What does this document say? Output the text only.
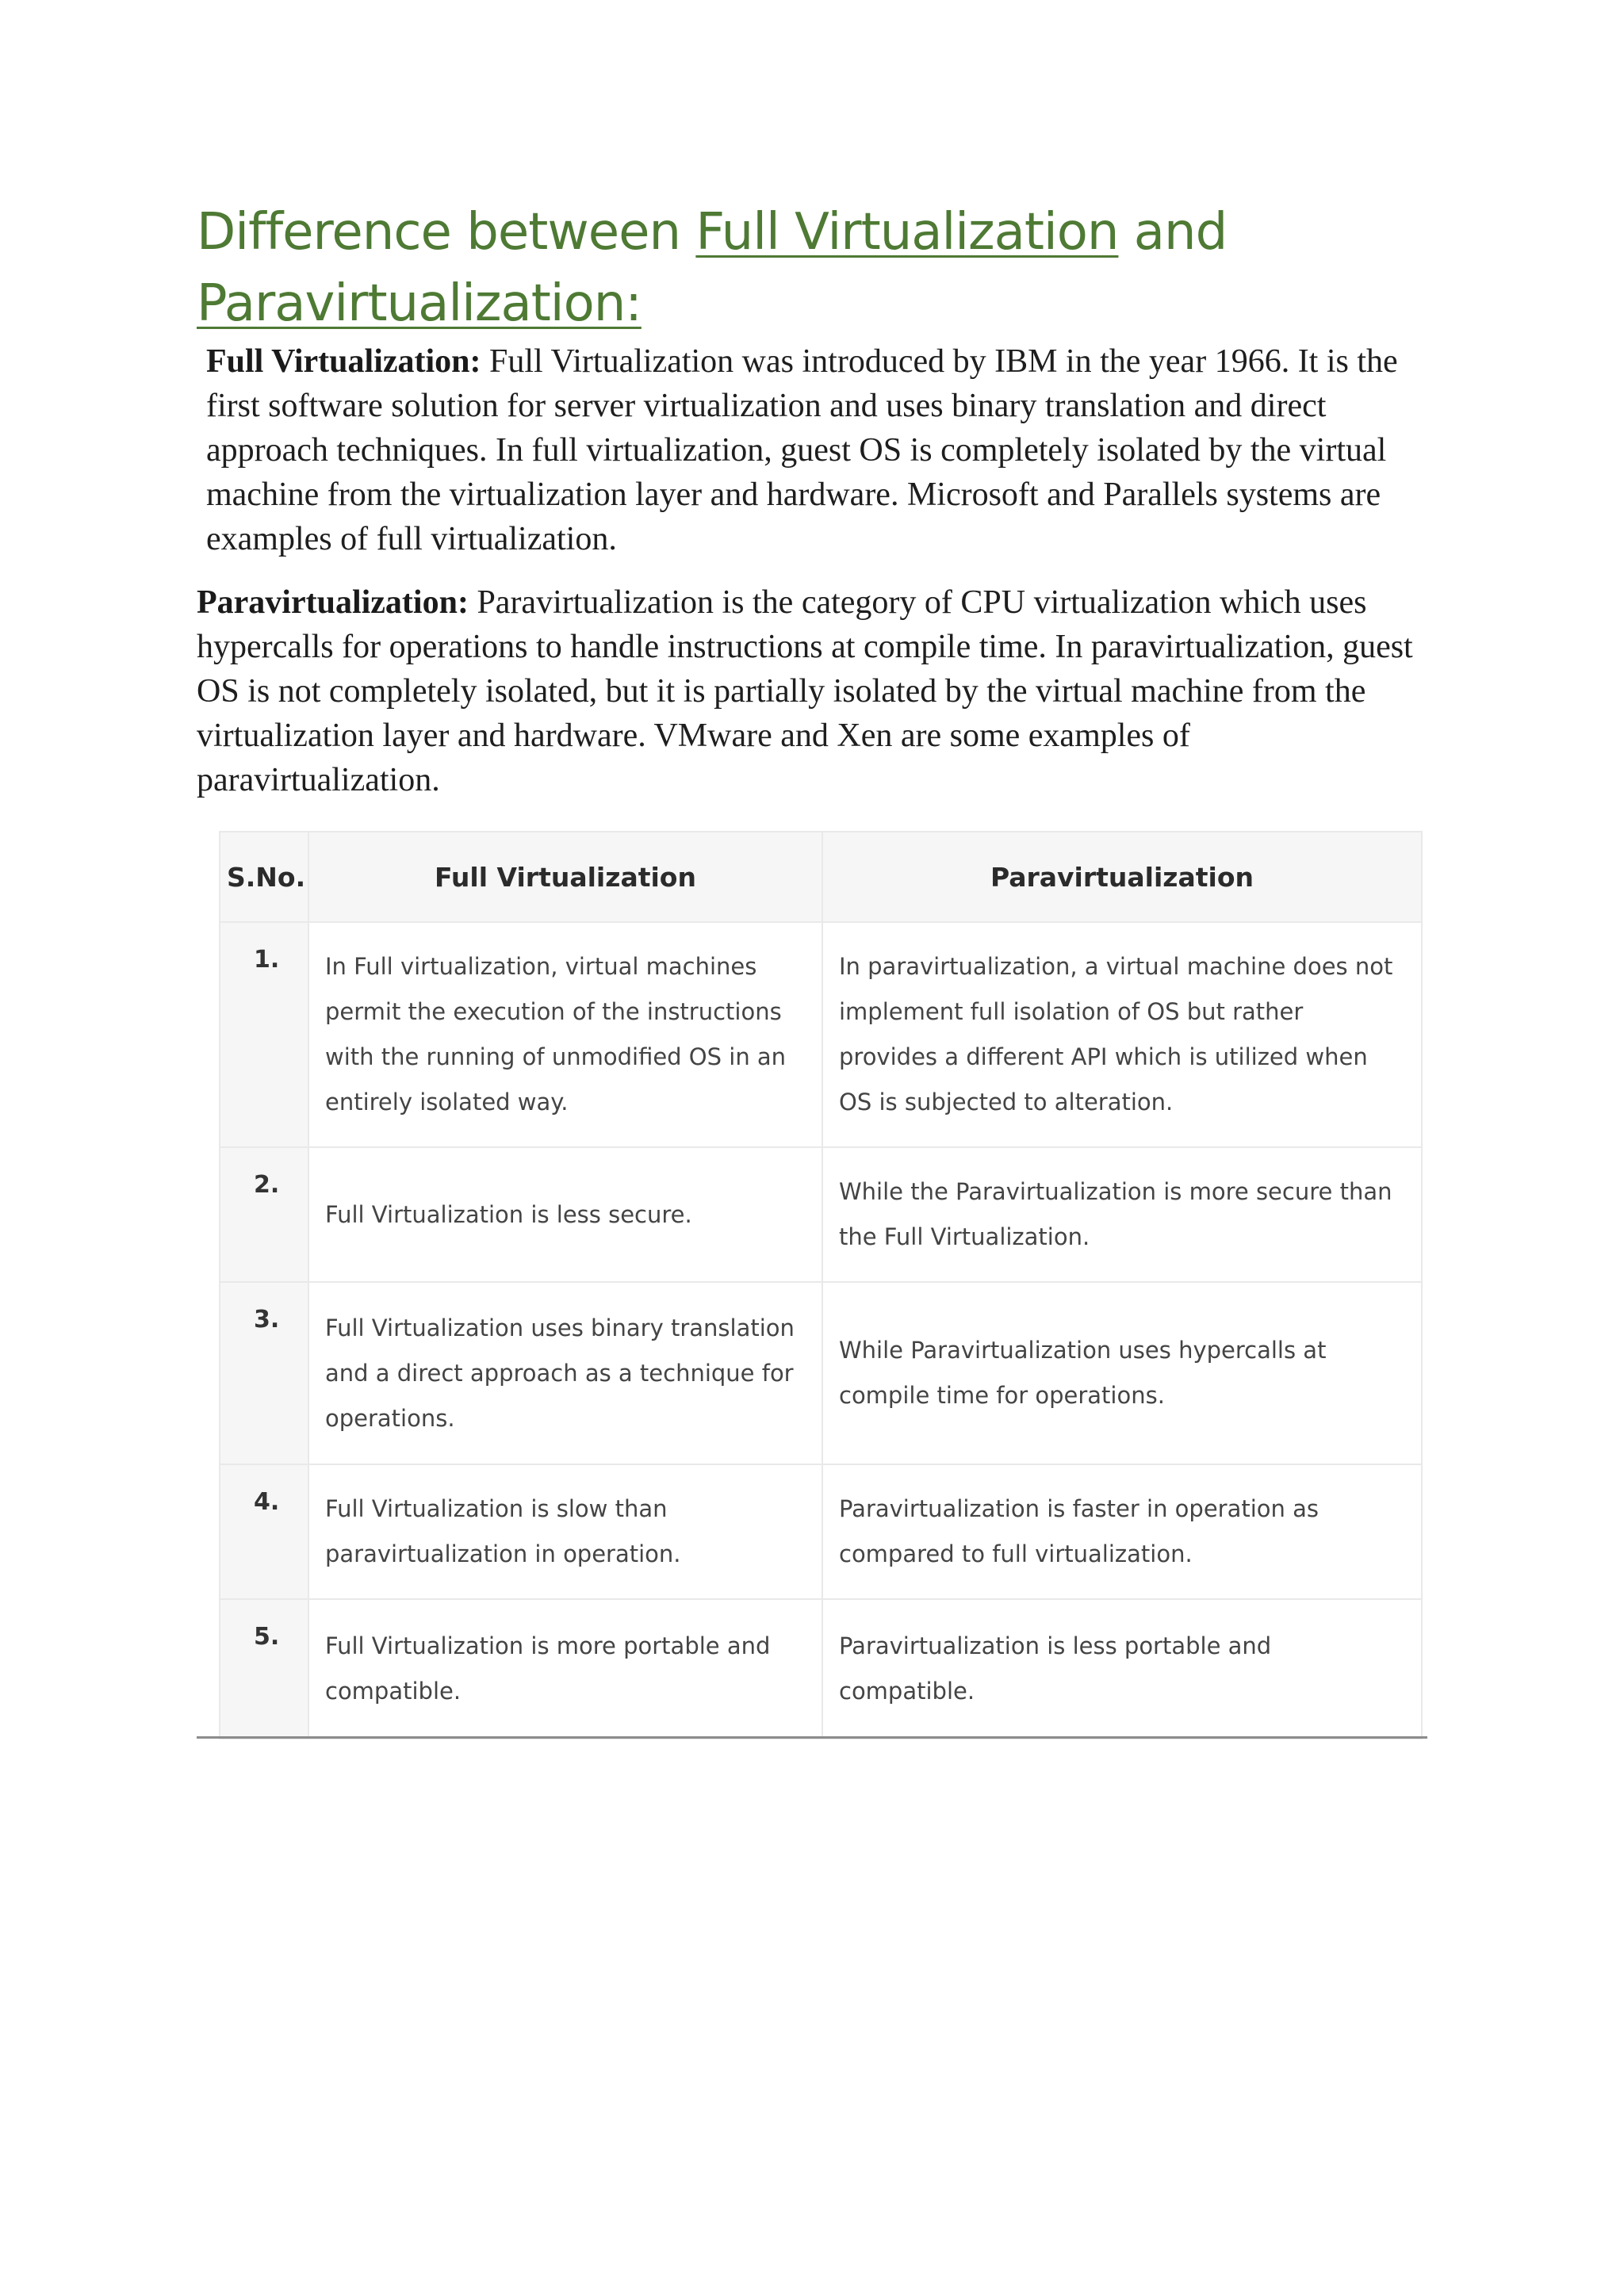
Difference between Full Virtualization and
Paravirtualization:

Full Virtualization: Full Virtualization was introduced by IBM in the year 1966. It is the first software solution for server virtualization and uses binary translation and direct approach techniques. In full virtualization, guest OS is completely isolated by the virtual machine from the virtualization layer and hardware. Microsoft and Parallels systems are examples of full virtualization.

Paravirtualization: Paravirtualization is the category of CPU virtualization which uses hypercalls for operations to handle instructions at compile time. In paravirtualization, guest OS is not completely isolated, but it is partially isolated by the virtual machine from the virtualization layer and hardware. VMware and Xen are some examples of paravirtualization.

S.No.	Full Virtualization	Paravirtualization
1.	In Full virtualization, virtual machines permit the execution of the instructions with the running of unmodified OS in an entirely isolated way.	In paravirtualization, a virtual machine does not implement full isolation of OS but rather provides a different API which is utilized when OS is subjected to alteration.
2.	Full Virtualization is less secure.	While the Paravirtualization is more secure than the Full Virtualization.
3.	Full Virtualization uses binary translation and a direct approach as a technique for operations.	While Paravirtualization uses hypercalls at compile time for operations.
4.	Full Virtualization is slow than paravirtualization in operation.	Paravirtualization is faster in operation as compared to full virtualization.
5.	Full Virtualization is more portable and compatible.	Paravirtualization is less portable and compatible.
